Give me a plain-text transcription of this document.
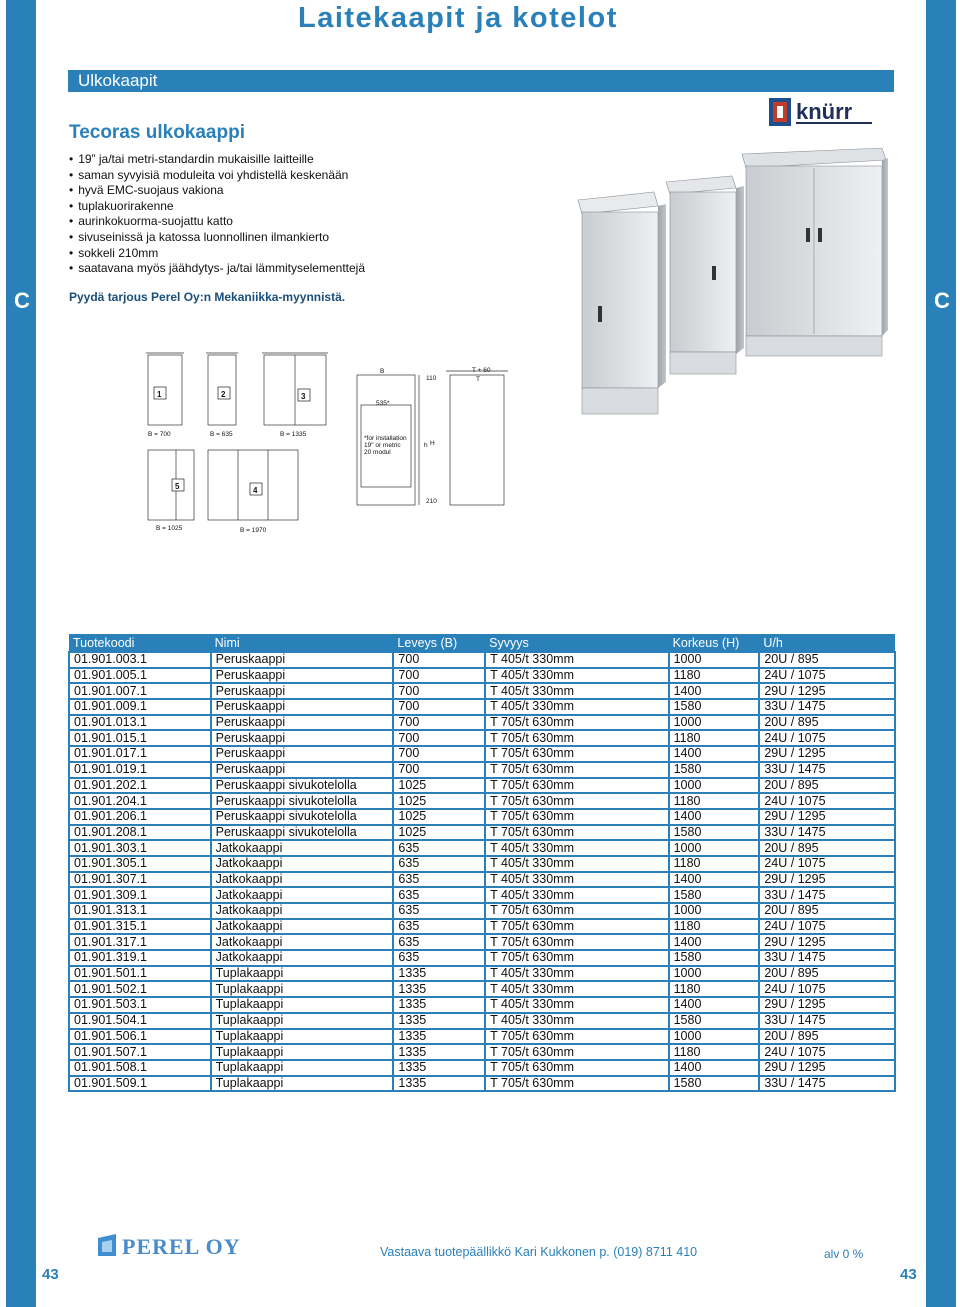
C	C
Laitekaapit ja kotelot
Ulkokaapit
knürr
Tecoras ulkokaappi
• 19” ja/tai metri-standardin mukaisille laitteille
• saman syvyisiä moduleita voi yhdistellä keskenään
• hyvä EMC-suojaus vakiona
• tuplakuorirakenne
• aurinkokuorma-suojattu katto
• sivuseinissä ja katossa luonnollinen ilmankierto
• sokkeli 210mm
• saatavana myös jäähdytys- ja/tai lämmityselementtejä

Pyydä tarjous Perel Oy:n Mekaniikka-myynnistä.

1	2	3
4
5
B = 700	B = 635	B = 1335
B = 1025	B = 1970
B	T + 60
T
535*
110
h H
210
*for installation
19" or metric
20 modul
Tuotekoodi	Nimi	Leveys (B)	Syvyys	Korkeus (H)	U/h
01.901.003.1	Peruskaappi	700	T 405/t 330mm	1000	20U / 895
01.901.005.1	Peruskaappi	700	T 405/t 330mm	1180	24U / 1075
01.901.007.1	Peruskaappi	700	T 405/t 330mm	1400	29U / 1295
01.901.009.1	Peruskaappi	700	T 405/t 330mm	1580	33U / 1475
01.901.013.1	Peruskaappi	700	T 705/t 630mm	1000	20U / 895
01.901.015.1	Peruskaappi	700	T 705/t 630mm	1180	24U / 1075
01.901.017.1	Peruskaappi	700	T 705/t 630mm	1400	29U / 1295
01.901.019.1	Peruskaappi	700	T 705/t 630mm	1580	33U / 1475
01.901.202.1	Peruskaappi sivukotelolla	1025	T 705/t 630mm	1000	20U / 895
01.901.204.1	Peruskaappi sivukotelolla	1025	T 705/t 630mm	1180	24U / 1075
01.901.206.1	Peruskaappi sivukotelolla	1025	T 705/t 630mm	1400	29U / 1295
01.901.208.1	Peruskaappi sivukotelolla	1025	T 705/t 630mm	1580	33U / 1475
01.901.303.1	Jatkokaappi	635	T 405/t 330mm	1000	20U / 895
01.901.305.1	Jatkokaappi	635	T 405/t 330mm	1180	24U / 1075
01.901.307.1	Jatkokaappi	635	T 405/t 330mm	1400	29U / 1295
01.901.309.1	Jatkokaappi	635	T 405/t 330mm	1580	33U / 1475
01.901.313.1	Jatkokaappi	635	T 705/t 630mm	1000	20U / 895
01.901.315.1	Jatkokaappi	635	T 705/t 630mm	1180	24U / 1075
01.901.317.1	Jatkokaappi	635	T 705/t 630mm	1400	29U / 1295
01.901.319.1	Jatkokaappi	635	T 705/t 630mm	1580	33U / 1475
01.901.501.1	Tuplakaappi	1335	T 405/t 330mm	1000	20U / 895
01.901.502.1	Tuplakaappi	1335	T 405/t 330mm	1180	24U / 1075
01.901.503.1	Tuplakaappi	1335	T 405/t 330mm	1400	29U / 1295
01.901.504.1	Tuplakaappi	1335	T 405/t 330mm	1580	33U / 1475
01.901.506.1	Tuplakaappi	1335	T 705/t 630mm	1000	20U / 895
01.901.507.1	Tuplakaappi	1335	T 705/t 630mm	1180	24U / 1075
01.901.508.1	Tuplakaappi	1335	T 705/t 630mm	1400	29U / 1295
01.901.509.1	Tuplakaappi	1335	T 705/t 630mm	1580	33U / 1475
PEREL OY	Vastaava tuotepäällikkö Kari Kukkonen p. (019) 8711 410	alv 0 %
43	43
